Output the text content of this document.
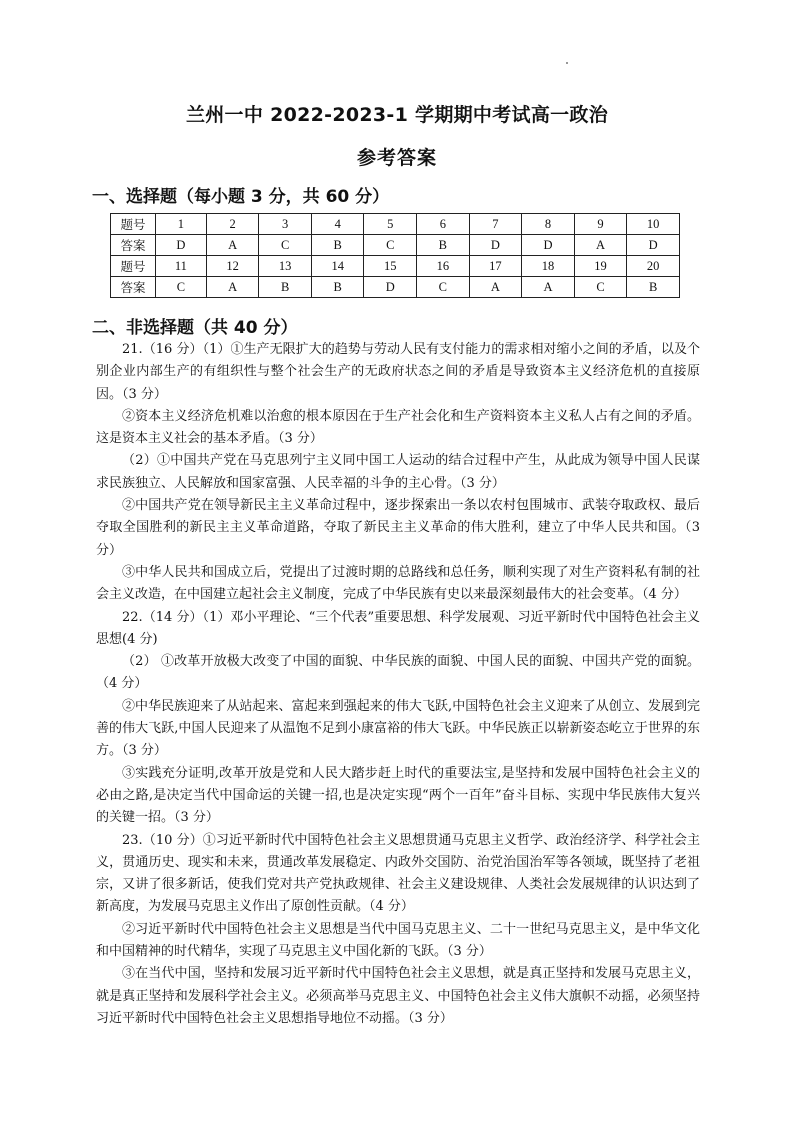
兰州一中 2022-2023-1 学期期中考试高一政治
参考答案
一、选择题（每小题 3 分，共 60 分）
题号	1	2	3	4	5	6	7	8	9	10
答案	D	A	C	B	C	B	D	D	A	D
题号	11	12	13	14	15	16	17	18	19	20
答案	C	A	B	B	D	C	A	A	C	B
二、非选择题（共 40 分）

21.（16 分）（1）①生产无限扩大的趋势与劳动人民有支付能力的需求相对缩小之间的矛盾，以及个别企业内部生产的有组织性与整个社会生产的无政府状态之间的矛盾是导致资本主义经济危机的直接原因。（3 分）

②资本主义经济危机难以治愈的根本原因在于生产社会化和生产资料资本主义私人占有之间的矛盾。这是资本主义社会的基本矛盾。（3 分）

（2）①中国共产党在马克思列宁主义同中国工人运动的结合过程中产生，从此成为领导中国人民谋求民族独立、人民解放和国家富强、人民幸福的斗争的主心骨。（3 分）

②中国共产党在领导新民主主义革命过程中，逐步探索出一条以农村包围城市、武装夺取政权、最后夺取全国胜利的新民主主义革命道路，夺取了新民主主义革命的伟大胜利，建立了中华人民共和国。（3 分）

③中华人民共和国成立后，党提出了过渡时期的总路线和总任务，顺利实现了对生产资料私有制的社会主义改造，在中国建立起社会主义制度，完成了中华民族有史以来最深刻最伟大的社会变革。（4 分）

22.（14 分）（1）邓小平理论、“三个代表”重要思想、科学发展观、习近平新时代中国特色社会主义思想(4 分)

（2） ①改革开放极大改变了中国的面貌、中华民族的面貌、中国人民的面貌、中国共产党的面貌。（4 分）

②中华民族迎来了从站起来、富起来到强起来的伟大飞跃,中国特色社会主义迎来了从创立、发展到完善的伟大飞跃,中国人民迎来了从温饱不足到小康富裕的伟大飞跃。中华民族正以崭新姿态屹立于世界的东方。（3 分）

③实践充分证明,改革开放是党和人民大踏步赶上时代的重要法宝,是坚持和发展中国特色社会主义的必由之路,是决定当代中国命运的关键一招,也是决定实现“两个一百年”奋斗目标、实现中华民族伟大复兴的关键一招。（3 分）

23.（10 分）①习近平新时代中国特色社会主义思想贯通马克思主义哲学、政治经济学、科学社会主义，贯通历史、现实和未来，贯通改革发展稳定、内政外交国防、治党治国治军等各领域，既坚持了老祖宗，又讲了很多新话，使我们党对共产党执政规律、社会主义建设规律、人类社会发展规律的认识达到了新高度，为发展马克思主义作出了原创性贡献。（4 分）

②习近平新时代中国特色社会主义思想是当代中国马克思主义、二十一世纪马克思主义，是中华文化和中国精神的时代精华，实现了马克思主义中国化新的飞跃。（3 分）

③在当代中国，坚持和发展习近平新时代中国特色社会主义思想，就是真正坚持和发展马克思主义，就是真正坚持和发展科学社会主义。必须高举马克思主义、中国特色社会主义伟大旗帜不动摇，必须坚持习近平新时代中国特色社会主义思想指导地位不动摇。（3 分）
